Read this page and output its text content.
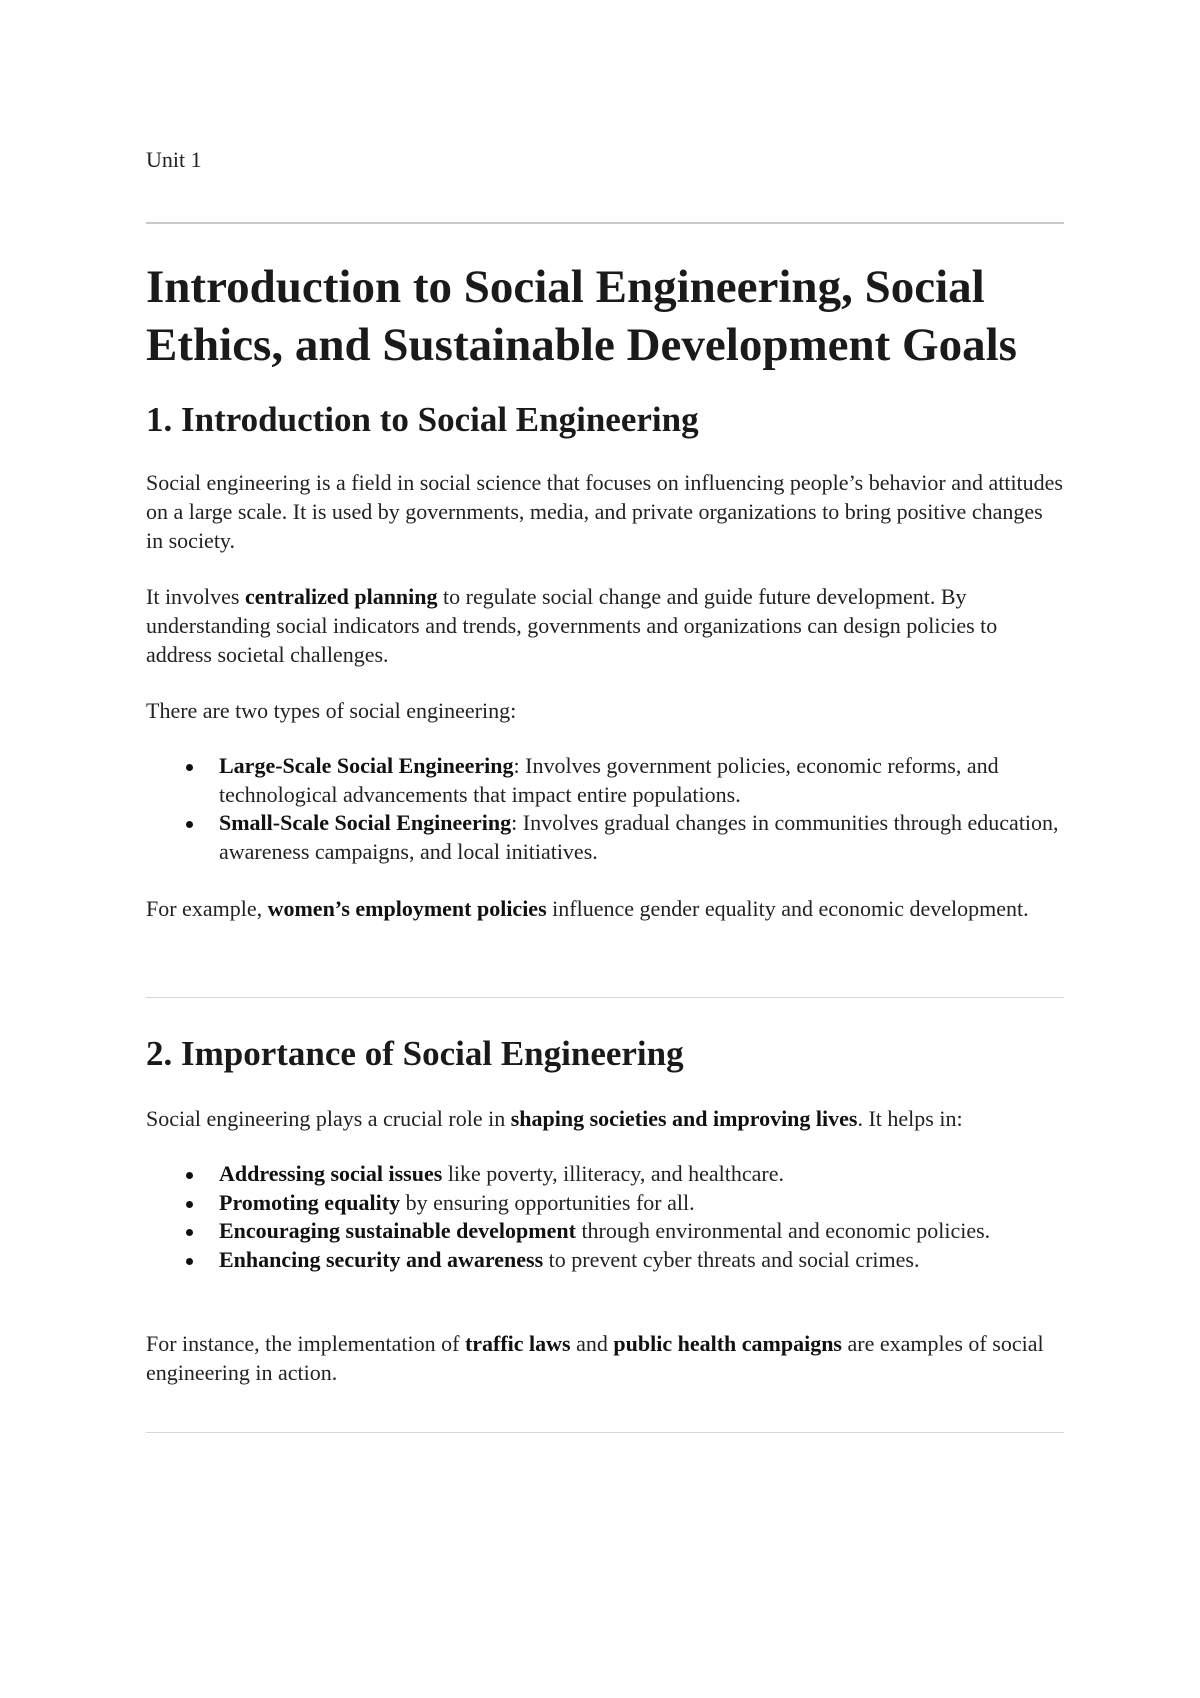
Unit 1
Introduction to Social Engineering, Social Ethics, and Sustainable Development Goals
1. Introduction to Social Engineering

Social engineering is a field in social science that focuses on influencing people’s behavior and attitudes on a large scale. It is used by governments, media, and private organizations to bring positive changes in society.

It involves centralized planning to regulate social change and guide future development. By understanding social indicators and trends, governments and organizations can design policies to address societal challenges.

There are two types of social engineering:

Large-Scale Social Engineering: Involves government policies, economic reforms, and technological advancements that impact entire populations.
Small-Scale Social Engineering: Involves gradual changes in communities through education, awareness campaigns, and local initiatives.

For example, women’s employment policies influence gender equality and economic development.

2. Importance of Social Engineering

Social engineering plays a crucial role in shaping societies and improving lives. It helps in:

Addressing social issues like poverty, illiteracy, and healthcare.
Promoting equality by ensuring opportunities for all.
Encouraging sustainable development through environmental and economic policies.
Enhancing security and awareness to prevent cyber threats and social crimes.

For instance, the implementation of traffic laws and public health campaigns are examples of social engineering in action.
